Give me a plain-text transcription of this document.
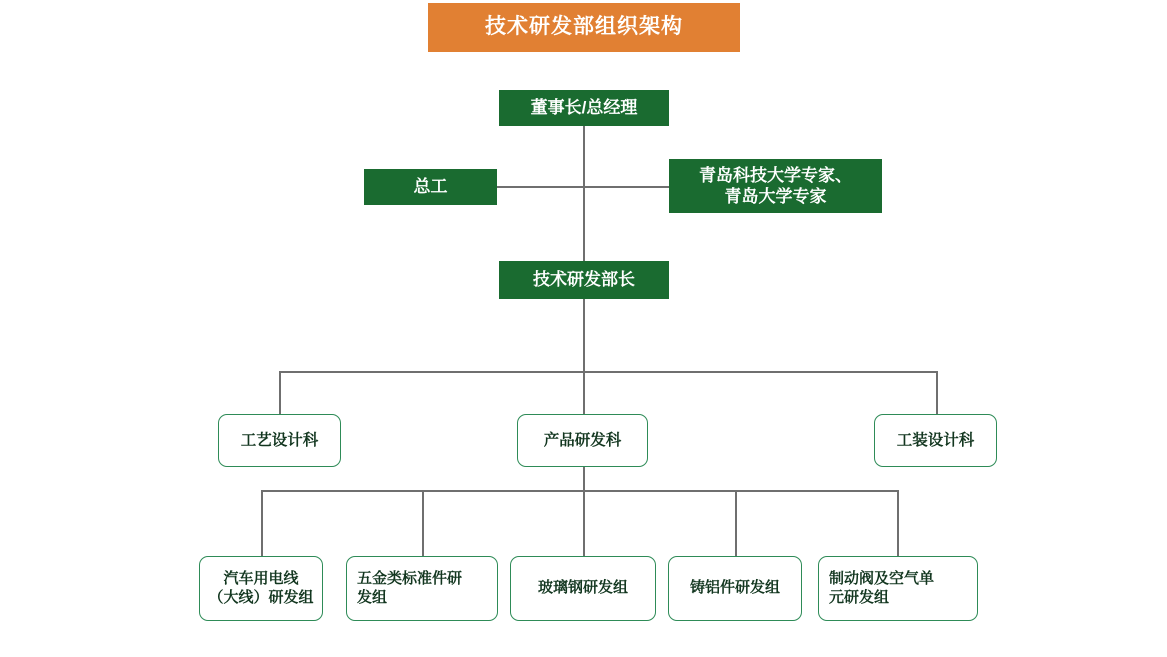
技术研发部组织架构
董事长/总经理
总工
青岛科技大学专家、
青岛大学专家
技术研发部长
工艺设计科	产品研发科	工装设计科
汽车用电线
（大线）研发组
五金类标准件研
发组
玻璃钢研发组	铸铝件研发组
制动阀及空气单
元研发组
